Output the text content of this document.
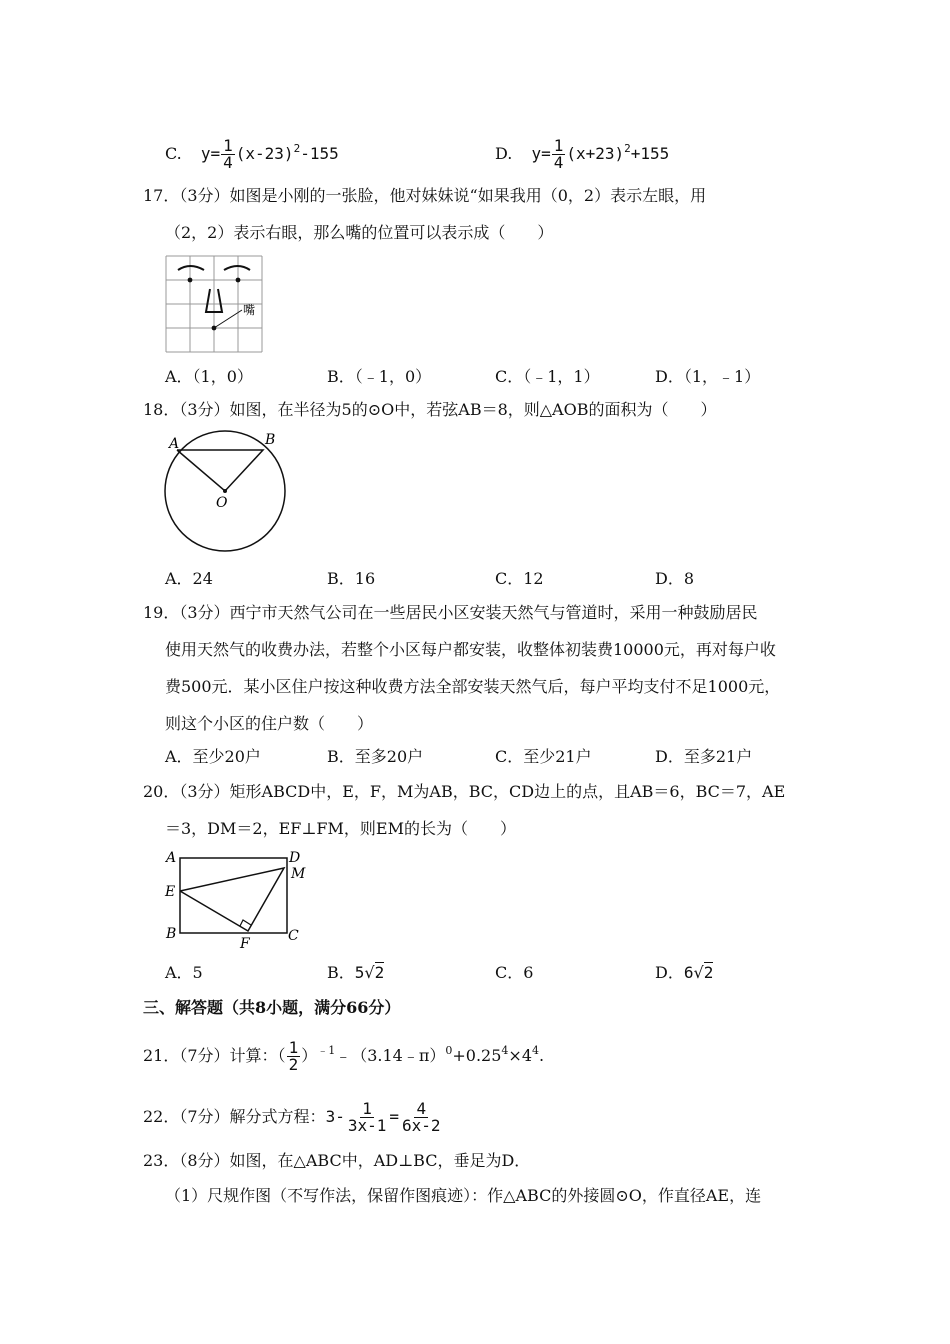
C. $y= \frac{1}{4} (x-23)^2-155$	D. $y= \frac{1}{4} (x+23)^2+155$
17．（3分）如图是小刚的一张脸，他对妹妹说“如果我用（0，2）表示左眼，用
（2，2）表示右眼，那么嘴的位置可以表示成（　　）
嘴
A．（1，0）	B．（﹣1，0）	C．（﹣1，1）	D．（1，﹣1）
18．（3分）如图，在半径为5的⊙O中，若弦AB＝8，则△AOB的面积为（　　）
A	B
O
A．24	B．16	C．12	D．8
19．（3分）西宁市天然气公司在一些居民小区安装天然气与管道时，采用一种鼓励居民
使用天然气的收费办法，若整个小区每户都安装，收整体初装费10000元，再对每户收
费500元．某小区住户按这种收费方法全部安装天然气后，每户平均支付不足1000元，
则这个小区的住户数（　　）
A．至少20户	B．至多20户	C．至少21户	D．至多21户
20．（3分）矩形ABCD中，E，F，M为AB，BC，CD边上的点，且AB＝6，BC＝7，AE
＝3，DM＝2，EF⊥FM，则EM的长为（　　）
A	D
M
E
B
F	C
A．5	B．5√2	C．6	D．6√2
三、解答题（共8小题，满分66分）
21．（7分）计算：（ $\frac{1}{2}$ ）$^{﹣1}﹣(3.14﹣\pi)^0+0.25^4\times 4^4$.
22．（7分）解分式方程：$3- \frac{1}{3x-1} = \frac{4}{6x-2}$
23．（8分）如图，在△ABC中，AD⊥BC，垂足为D．
（1）尺规作图（不写作法，保留作图痕迹）：作△ABC的外接圆⊙O，作直径AE，连
